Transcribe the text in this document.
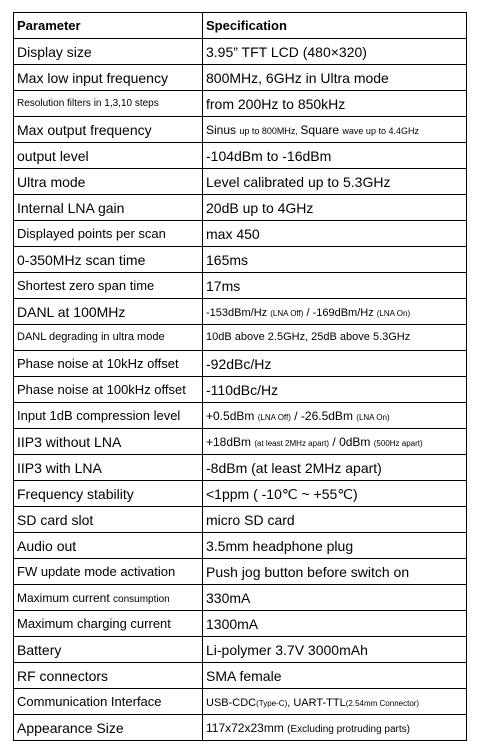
Parameter	Specification
Display size	3.95” TFT LCD (480×320)
Max low input frequency	800MHz, 6GHz in Ultra mode
Resolution filters in 1,3,10 steps	from 200Hz to 850kHz
Max output frequency	Sinus up to 800MHz, Square wave up to 4.4GHz
output level	-104dBm to -16dBm
Ultra mode	Level calibrated up to 5.3GHz
Internal LNA gain	20dB up to 4GHz
Displayed points per scan	max 450
0-350MHz scan time	165ms
Shortest zero span time	17ms
DANL at 100MHz	-153dBm/Hz (LNA Off) / -169dBm/Hz (LNA On)
DANL degrading in ultra mode	10dB above 2.5GHz, 25dB above 5.3GHz
Phase noise at 10kHz offset	-92dBc/Hz
Phase noise at 100kHz offset	-110dBc/Hz
Input 1dB compression level	+0.5dBm (LNA Off) / -26.5dBm (LNA On)
IIP3 without LNA	+18dBm (at least 2MHz apart) / 0dBm (500Hz apart)
IIP3 with LNA	-8dBm (at least 2MHz apart)
Frequency stability	<1ppm ( -10℃ ~ +55℃)
SD card slot	micro SD card
Audio out	3.5mm headphone plug
FW update mode activation	Push jog button before switch on
Maximum current consumption	330mA
Maximum charging current	1300mA
Battery	Li-polymer 3.7V 3000mAh
RF connectors	SMA female
Communication Interface	USB-CDC(Type-C), UART-TTL(2.54mm Connector)
Appearance Size	117x72x23mm (Excluding protruding parts)
